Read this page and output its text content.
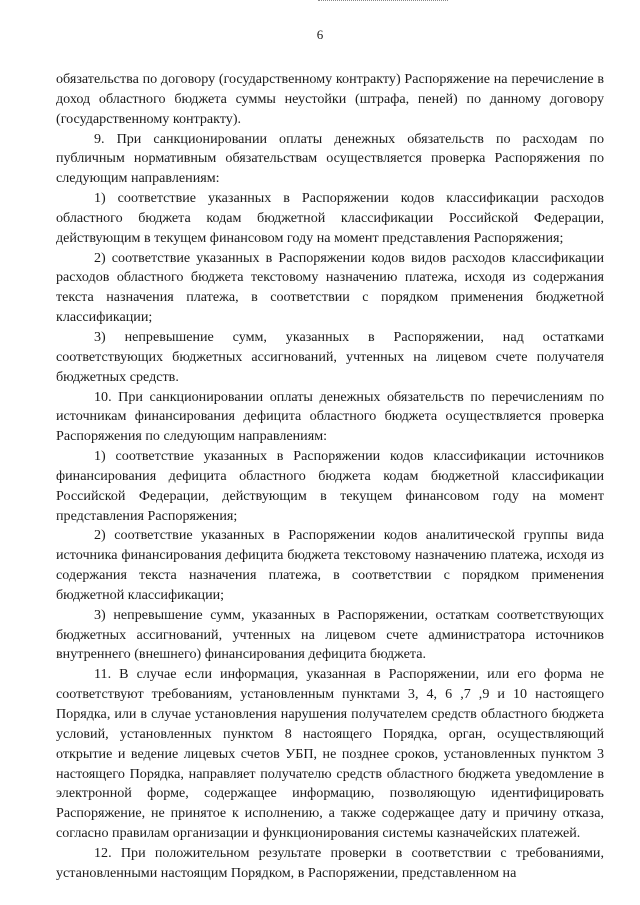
6

обязательства по договору (государственному контракту) Распоряжение на перечисление в доход областного бюджета суммы неустойки (штрафа, пеней) по данному договору (государственному контракту).

9. При санкционировании оплаты денежных обязательств по расходам по публичным нормативным обязательствам осуществляется проверка Распоряжения по следующим направлениям:

1) соответствие указанных в Распоряжении кодов классификации расходов областного бюджета кодам бюджетной классификации Российской Федерации, действующим в текущем финансовом году на момент представления Распоряжения;

2) соответствие указанных в Распоряжении кодов видов расходов классификации расходов областного бюджета текстовому назначению платежа, исходя из содержания текста назначения платежа, в соответствии с порядком применения бюджетной классификации;

3) непревышение сумм, указанных в Распоряжении, над остатками соответствующих бюджетных ассигнований, учтенных на лицевом счете получателя бюджетных средств.

10. При санкционировании оплаты денежных обязательств по перечислениям по источникам финансирования дефицита областного бюджета осуществляется проверка Распоряжения по следующим направлениям:

1) соответствие указанных в Распоряжении кодов классификации источников финансирования дефицита областного бюджета кодам бюджетной классификации Российской Федерации, действующим в текущем финансовом году на момент представления Распоряжения;

2) соответствие указанных в Распоряжении кодов аналитической группы вида источника финансирования дефицита бюджета текстовому назначению платежа, исходя из содержания текста назначения платежа, в соответствии с порядком применения бюджетной классификации;

3) непревышение сумм, указанных в Распоряжении, остаткам соответствующих бюджетных ассигнований, учтенных на лицевом счете администратора источников внутреннего (внешнего) финансирования дефицита бюджета.

11. В случае если информация, указанная в Распоряжении, или его форма не соответствуют требованиям, установленным пунктами 3, 4, 6 ,7 ,9 и 10 настоящего Порядка, или в случае установления нарушения получателем средств областного бюджета условий, установленных пунктом 8 настоящего Порядка, орган, осуществляющий открытие и ведение лицевых счетов УБП, не позднее сроков, установленных пунктом 3 настоящего Порядка, направляет получателю средств областного бюджета уведомление в электронной форме, содержащее информацию, позволяющую идентифицировать Распоряжение, не принятое к исполнению, а также содержащее дату и причину отказа, согласно правилам организации и функционирования системы казначейских платежей.

12. При положительном результате проверки в соответствии с требованиями, установленными настоящим Порядком, в Распоряжении, представленном на
